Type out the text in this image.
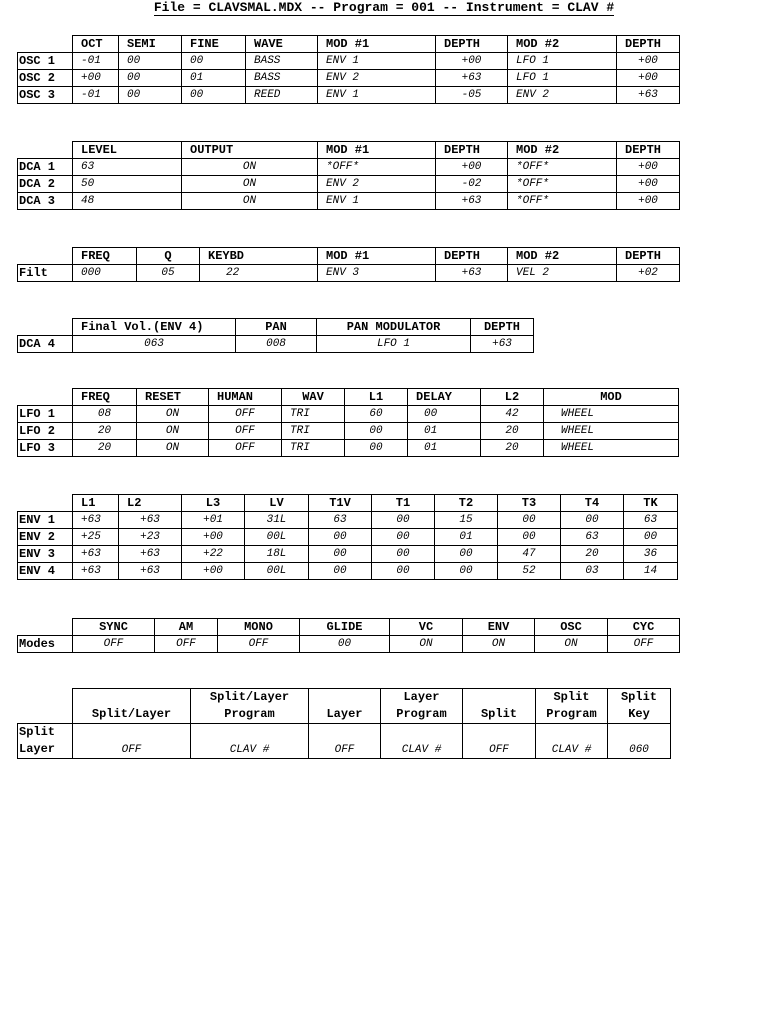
File = CLAVSMAL.MDX -- Program = 001 -- Instrument = CLAV #
	OCT	SEMI	FINE	WAVE	MOD #1	DEPTH	MOD #2	DEPTH
OSC 1	-01	00	00	BASS	ENV 1	+00	LFO 1	+00
OSC 2	+00	00	01	BASS	ENV 2	+63	LFO 1	+00
OSC 3	-01	00	00	REED	ENV 1	-05	ENV 2	+63
	LEVEL	OUTPUT	MOD #1	DEPTH	MOD #2	DEPTH
DCA 1	63	ON	*OFF*	+00	*OFF*	+00
DCA 2	50	ON	ENV 2	-02	*OFF*	+00
DCA 3	48	ON	ENV 1	+63	*OFF*	+00
	FREQ	Q	KEYBD	MOD #1	DEPTH	MOD #2	DEPTH
Filt	000	05	22	ENV 3	+63	VEL 2	+02
	Final Vol.(ENV 4)	PAN	PAN MODULATOR	DEPTH
DCA 4	063	008	LFO 1	+63
	FREQ	RESET	HUMAN	WAV	L1	DELAY	L2	MOD
LFO 1	08	ON	OFF	TRI	60	00	42	WHEEL
LFO 2	20	ON	OFF	TRI	00	01	20	WHEEL
LFO 3	20	ON	OFF	TRI	00	01	20	WHEEL
	L1	L2	L3	LV	T1V	T1	T2	T3	T4	TK
ENV 1	+63	+63	+01	31L	63	00	15	00	00	63
ENV 2	+25	+23	+00	00L	00	00	01	00	63	00
ENV 3	+63	+63	+22	18L	00	00	00	47	20	36
ENV 4	+63	+63	+00	00L	00	00	00	52	03	14
	SYNC	AM	MONO	GLIDE	VC	ENV	OSC	CYC
Modes	OFF	OFF	OFF	00	ON	ON	ON	OFF
	Split/Layer	Split/Layer Program	Layer	Layer Program	Split	Split Program	Split Key
Split Layer	OFF	CLAV #	OFF	CLAV #	OFF	CLAV #	060
